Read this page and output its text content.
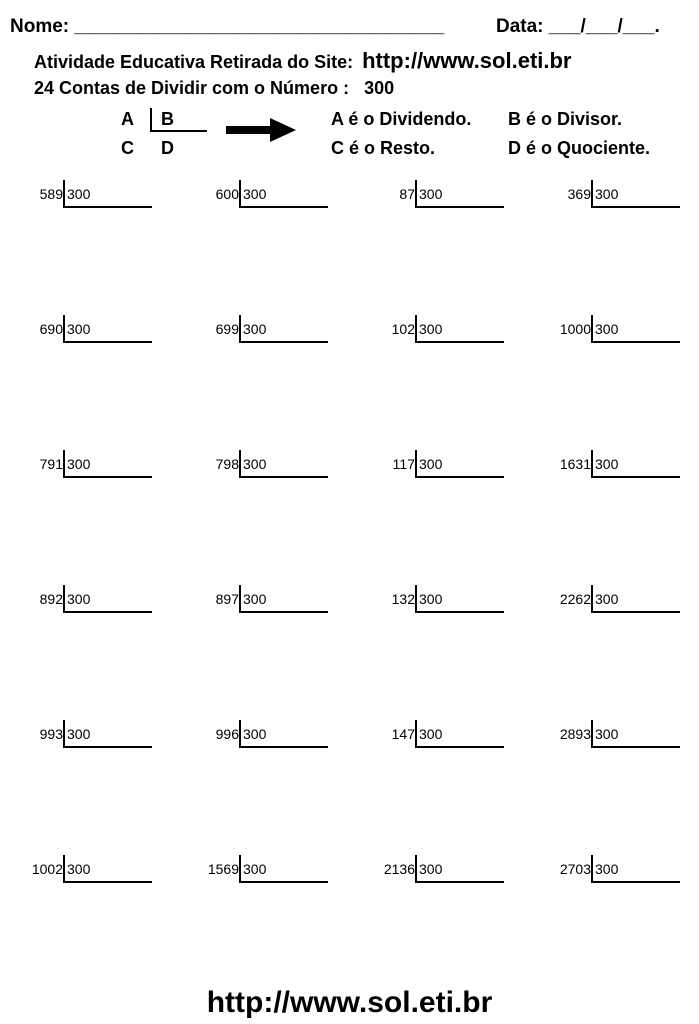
Nome: ___________________________________	Data: ___/___/___.
Atividade Educativa Retirada do Site: http://www.sol.eti.br
24 Contas de Dividir com o Número : 300
A B
C D
A é o Dividendo. B é o Divisor.
C é o Resto.	D é o Quociente.
589 300	600 300	87 300	369 300
690 300	699 300	102 300	1000 300
791 300	798 300	117 300	1631 300
892 300	897 300	132 300	2262 300
993 300	996 300	147 300	2893 300
1002 300	1569 300	2136 300	2703 300
http://www.sol.eti.br
